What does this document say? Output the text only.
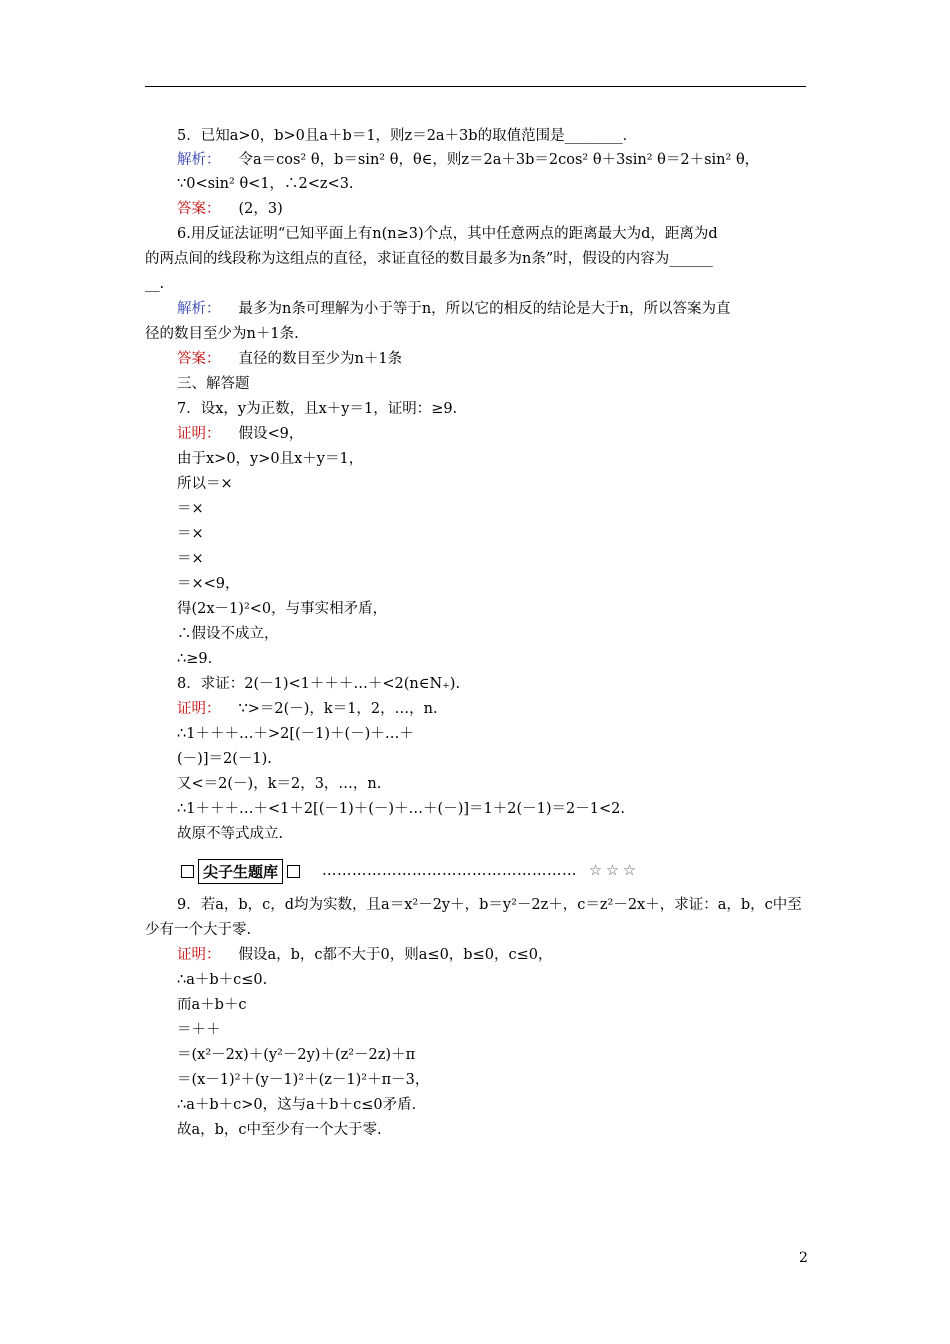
5．已知a>0，b>0且a＋b＝1，则z＝2a＋3b的取值范围是________．
解析： 令a＝cos² θ，b＝sin² θ，θ∈，则z＝2a＋3b＝2cos² θ＋3sin² θ＝2＋sin² θ，
∵0<sin² θ<1，∴2<z<3.
答案： (2，3)
6.用反证法证明“已知平面上有n(n≥3)个点，其中任意两点的距离最大为d，距离为d
的两点间的线段称为这组点的直径，求证直径的数目最多为n条”时，假设的内容为______
__.
解析： 最多为n条可理解为小于等于n，所以它的相反的结论是大于n，所以答案为直
径的数目至少为n＋1条.
答案： 直径的数目至少为n＋1条
三、解答题
7．设x，y为正数，且x＋y＝1，证明：≥9.
证明： 假设<9，
由于x>0，y>0且x＋y＝1，
所以＝×
＝×
＝×
＝×
＝×<9，
得(2x－1)²<0，与事实相矛盾，
∴假设不成立，
∴≥9.
8．求证：2(－1)<1＋＋＋…＋<2(n∈N₊).
证明： ∵>＝2(－)，k＝1，2，…，n.
∴1＋＋＋…＋>2[(－1)＋(－)＋…＋
(－)]＝2(－1).
又<＝2(－)，k＝2，3，…，n.
∴1＋＋＋…＋<1＋2[(－1)＋(－)＋…＋(－)]＝1＋2(－1)＝2－1<2.
故原不等式成立.
9．若a，b，c，d均为实数，且a＝x²－2y＋，b＝y²－2z＋，c＝z²－2x＋，求证：a，b，c中至
少有一个大于零.
证明： 假设a，b，c都不大于0，则a≤0，b≤0，c≤0，
∴a＋b＋c≤0.
而a＋b＋c
＝＋＋
＝(x²－2x)＋(y²－2y)＋(z²－2z)＋π
＝(x－1)²＋(y－1)²＋(z－1)²＋π－3，
∴a＋b＋c>0，这与a＋b＋c≤0矛盾.
故a，b，c中至少有一个大于零.
尖子生题库	…………………………………………… ☆☆☆
2
